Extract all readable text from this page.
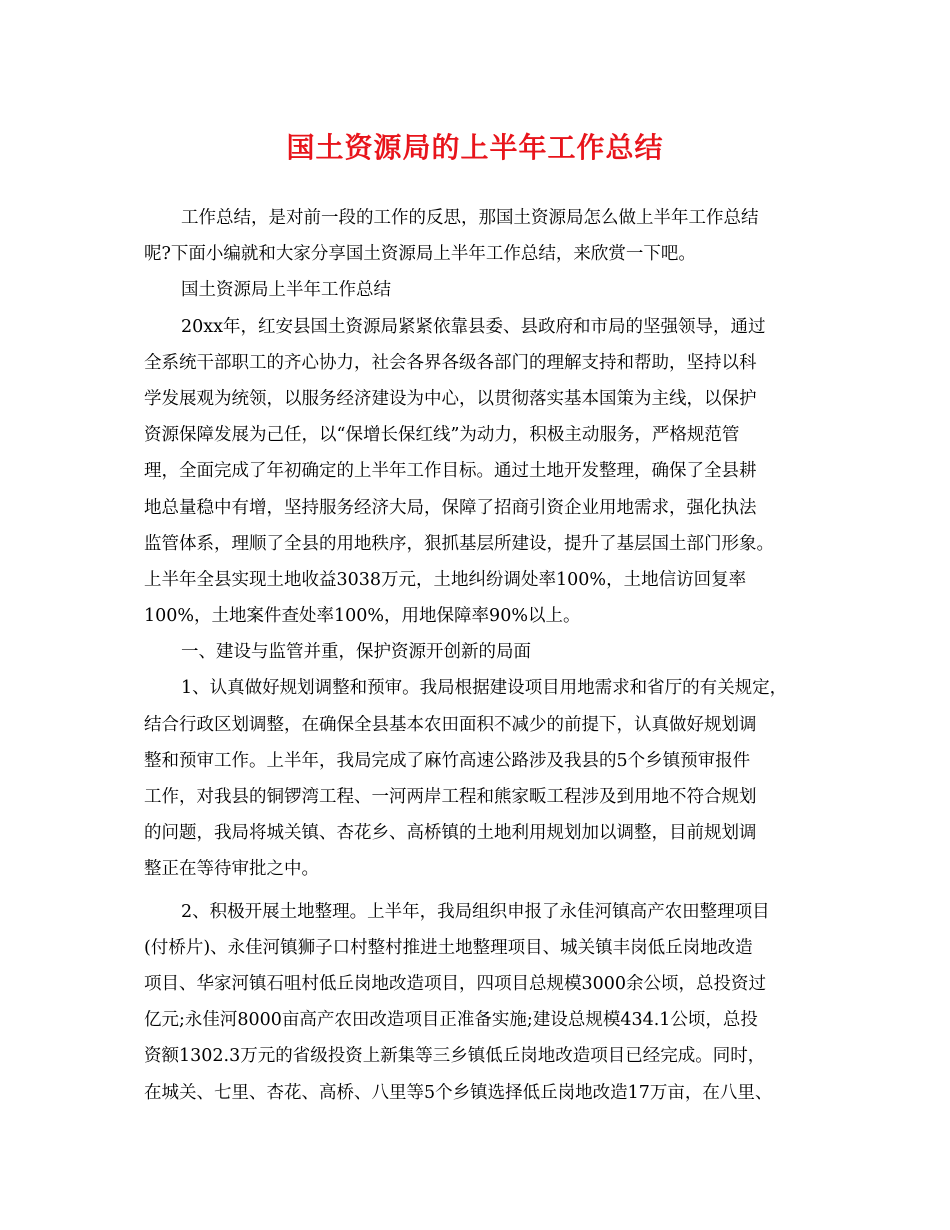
国土资源局的上半年工作总结
工作总结，是对前一段的工作的反思，那国土资源局怎么做上半年工作总结
呢?下面小编就和大家分享国土资源局上半年工作总结，来欣赏一下吧。
国土资源局上半年工作总结
20xx年，红安县国土资源局紧紧依靠县委、县政府和市局的坚强领导，通过
全系统干部职工的齐心协力，社会各界各级各部门的理解支持和帮助，坚持以科
学发展观为统领，以服务经济建设为中心，以贯彻落实基本国策为主线，以保护
资源保障发展为己任，以“保增长保红线”为动力，积极主动服务，严格规范管
理，全面完成了年初确定的上半年工作目标。通过土地开发整理，确保了全县耕
地总量稳中有增，坚持服务经济大局，保障了招商引资企业用地需求，强化执法
监管体系，理顺了全县的用地秩序，狠抓基层所建设，提升了基层国土部门形象。
上半年全县实现土地收益3038万元，土地纠纷调处率100%，土地信访回复率
100%，土地案件查处率100%，用地保障率90%以上。
一、建设与监管并重，保护资源开创新的局面
1、认真做好规划调整和预审。我局根据建设项目用地需求和省厅的有关规定，
结合行政区划调整，在确保全县基本农田面积不减少的前提下，认真做好规划调
整和预审工作。上半年，我局完成了麻竹高速公路涉及我县的5个乡镇预审报件
工作，对我县的铜锣湾工程、一河两岸工程和熊家畈工程涉及到用地不符合规划
的问题，我局将城关镇、杏花乡、高桥镇的土地利用规划加以调整，目前规划调
整正在等待审批之中。
2、积极开展土地整理。上半年，我局组织申报了永佳河镇高产农田整理项目
(付桥片)、永佳河镇狮子口村整村推进土地整理项目、城关镇丰岗低丘岗地改造
项目、华家河镇石咀村低丘岗地改造项目，四项目总规模3000余公顷，总投资过
亿元;永佳河8000亩高产农田改造项目正准备实施;建设总规模434.1公顷，总投
资额1302.3万元的省级投资上新集等三乡镇低丘岗地改造项目已经完成。同时，
在城关、七里、杏花、高桥、八里等5个乡镇选择低丘岗地改造17万亩，在八里、
